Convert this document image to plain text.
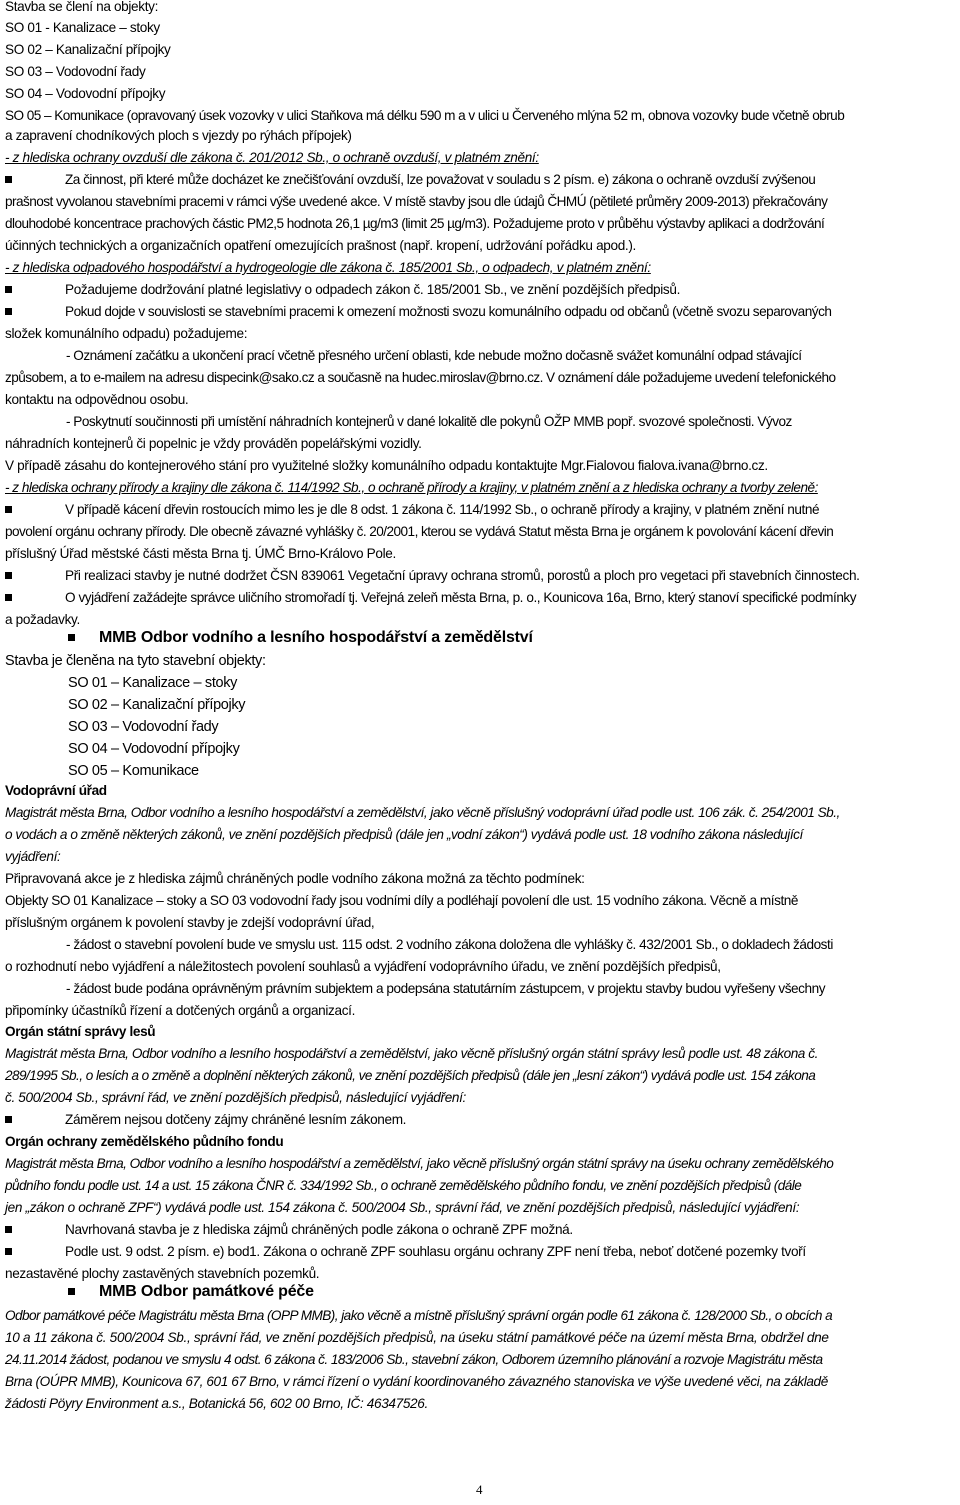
Stavba se člení na objekty:
SO 01 - Kanalizace – stoky
SO 02 – Kanalizační přípojky
SO 03 – Vodovodní řady
SO 04 – Vodovodní přípojky
SO 05 – Komunikace (opravovaný úsek vozovky v ulici Staňkova má délku 590 m a v ulici u Červeného mlýna 52 m, obnova vozovky bude včetně obrub
a zapravení chodníkových ploch s vjezdy po rýhách přípojek)
- z hlediska ochrany ovzduší dle zákona č. 201/2012 Sb., o ochraně ovzduší, v platném znění:
Za činnost, při které může docházet ke znečišťování ovzduší, lze považovat v souladu s 2 písm. e) zákona o ochraně ovzduší zvýšenou
prašnost vyvolanou stavebními pracemi v rámci výše uvedené akce. V místě stavby jsou dle údajů ČHMÚ (pětileté průměry 2009-2013) překračovány
dlouhodobé koncentrace prachových částic PM2,5 hodnota 26,1 µg/m3 (limit 25 µg/m3). Požadujeme proto v průběhu výstavby aplikaci a dodržování
účinných technických a organizačních opatření omezujících prašnost (např. kropení, udržování pořádku apod.).
- z hlediska odpadového hospodářství a hydrogeologie dle zákona č. 185/2001 Sb., o odpadech, v platném znění:
Požadujeme dodržování platné legislativy o odpadech zákon č. 185/2001 Sb., ve znění pozdějších předpisů.
Pokud dojde v souvislosti se stavebními pracemi k omezení možnosti svozu komunálního odpadu od občanů (včetně svozu separovaných
složek komunálního odpadu) požadujeme:
- Oznámení začátku a ukončení prací včetně přesného určení oblasti, kde nebude možno dočasně svážet komunální odpad stávající
způsobem, a to e-mailem na adresu dispecink@sako.cz a současně na hudec.miroslav@brno.cz. V oznámení dále požadujeme uvedení telefonického
kontaktu na odpovědnou osobu.
- Poskytnutí součinnosti při umístění náhradních kontejnerů v dané lokalitě dle pokynů OŽP MMB popř. svozové společnosti. Vývoz
náhradních kontejnerů či popelnic je vždy prováděn popelářskými vozidly.
V případě zásahu do kontejnerového stání pro využitelné složky komunálního odpadu kontaktujte Mgr.Fialovou fialova.ivana@brno.cz.
- z hlediska ochrany přírody a krajiny dle zákona č. 114/1992 Sb., o ochraně přírody a krajiny, v platném znění a z hlediska ochrany a tvorby zeleně:
V případě kácení dřevin rostoucích mimo les je dle 8 odst. 1 zákona č. 114/1992 Sb., o ochraně přírody a krajiny, v platném znění nutné
povolení orgánu ochrany přírody. Dle obecně závazné vyhlášky č. 20/2001, kterou se vydává Statut města Brna je orgánem k povolování kácení dřevin
příslušný Úřad městské části města Brna tj. ÚMČ Brno-Královo Pole.
Při realizaci stavby je nutné dodržet ČSN 839061 Vegetační úpravy ochrana stromů, porostů a ploch pro vegetaci při stavebních činnostech.
O vyjádření zažádejte správce uličního stromořadí tj. Veřejná zeleň města Brna, p. o., Kounicova 16a, Brno, který stanoví specifické podmínky
a požadavky.
MMB Odbor vodního a lesního hospodářství a zemědělství
Stavba je členěna na tyto stavební objekty:
SO 01 – Kanalizace – stoky
SO 02 – Kanalizační přípojky
SO 03 – Vodovodní řady
SO 04 – Vodovodní přípojky
SO 05 – Komunikace
Vodoprávní úřad
Magistrát města Brna, Odbor vodního a lesního hospodářství a zemědělství, jako věcně příslušný vodoprávní úřad podle ust. 106 zák. č. 254/2001 Sb.,
o vodách a o změně některých zákonů, ve znění pozdějších předpisů (dále jen „vodní zákon“) vydává podle ust. 18 vodního zákona následující
vyjádření:
Připravovaná akce je z hlediska zájmů chráněných podle vodního zákona možná za těchto podmínek:
Objekty SO 01 Kanalizace – stoky a SO 03 vodovodní řady jsou vodními díly a podléhají povolení dle ust. 15 vodního zákona. Věcně a místně
příslušným orgánem k povolení stavby je zdejší vodoprávní úřad,
- žádost o stavební povolení bude ve smyslu ust. 115 odst. 2 vodního zákona doložena dle vyhlášky č. 432/2001 Sb., o dokladech žádosti
o rozhodnutí nebo vyjádření a náležitostech povolení souhlasů a vyjádření vodoprávního úřadu, ve znění pozdějších předpisů,
- žádost bude podána oprávněným právním subjektem a podepsána statutárním zástupcem, v projektu stavby budou vyřešeny všechny
připomínky účastníků řízení a dotčených orgánů a organizací.
Orgán státní správy lesů
Magistrát města Brna, Odbor vodního a lesního hospodářství a zemědělství, jako věcně příslušný orgán státní správy lesů podle ust. 48 zákona č.
289/1995 Sb., o lesích a o změně a doplnění některých zákonů, ve znění pozdějších předpisů (dále jen „lesní zákon“) vydává podle ust. 154 zákona
č. 500/2004 Sb., správní řád, ve znění pozdějších předpisů, následující vyjádření:
Záměrem nejsou dotčeny zájmy chráněné lesním zákonem.
Orgán ochrany zemědělského půdního fondu
Magistrát města Brna, Odbor vodního a lesního hospodářství a zemědělství, jako věcně příslušný orgán státní správy na úseku ochrany zemědělského
půdního fondu podle ust. 14 a ust. 15 zákona ČNR č. 334/1992 Sb., o ochraně zemědělského půdního fondu, ve znění pozdějších předpisů (dále
jen „zákon o ochraně ZPF“) vydává podle ust. 154 zákona č. 500/2004 Sb., správní řád, ve znění pozdějších předpisů, následující vyjádření:
Navrhovaná stavba je z hlediska zájmů chráněných podle zákona o ochraně ZPF možná.
Podle ust. 9 odst. 2 písm. e) bod1. Zákona o ochraně ZPF souhlasu orgánu ochrany ZPF není třeba, neboť dotčené pozemky tvoří
nezastavěné plochy zastavěných stavebních pozemků.
MMB Odbor památkové péče
Odbor památkové péče Magistrátu města Brna (OPP MMB), jako věcně a místně příslušný správní orgán podle 61 zákona č. 128/2000 Sb., o obcích a
10 a 11 zákona č. 500/2004 Sb., správní řád, ve znění pozdějších předpisů, na úseku státní památkové péče na území města Brna, obdržel dne
24.11.2014 žádost, podanou ve smyslu 4 odst. 6 zákona č. 183/2006 Sb., stavební zákon, Odborem územního plánování a rozvoje Magistrátu města
Brna (OÚPR MMB), Kounicova 67, 601 67 Brno, v rámci řízení o vydání koordinovaného závazného stanoviska ve výše uvedené věci, na základě
žádosti Pöyry Environment a.s., Botanická 56, 602 00 Brno, IČ: 46347526.
4
